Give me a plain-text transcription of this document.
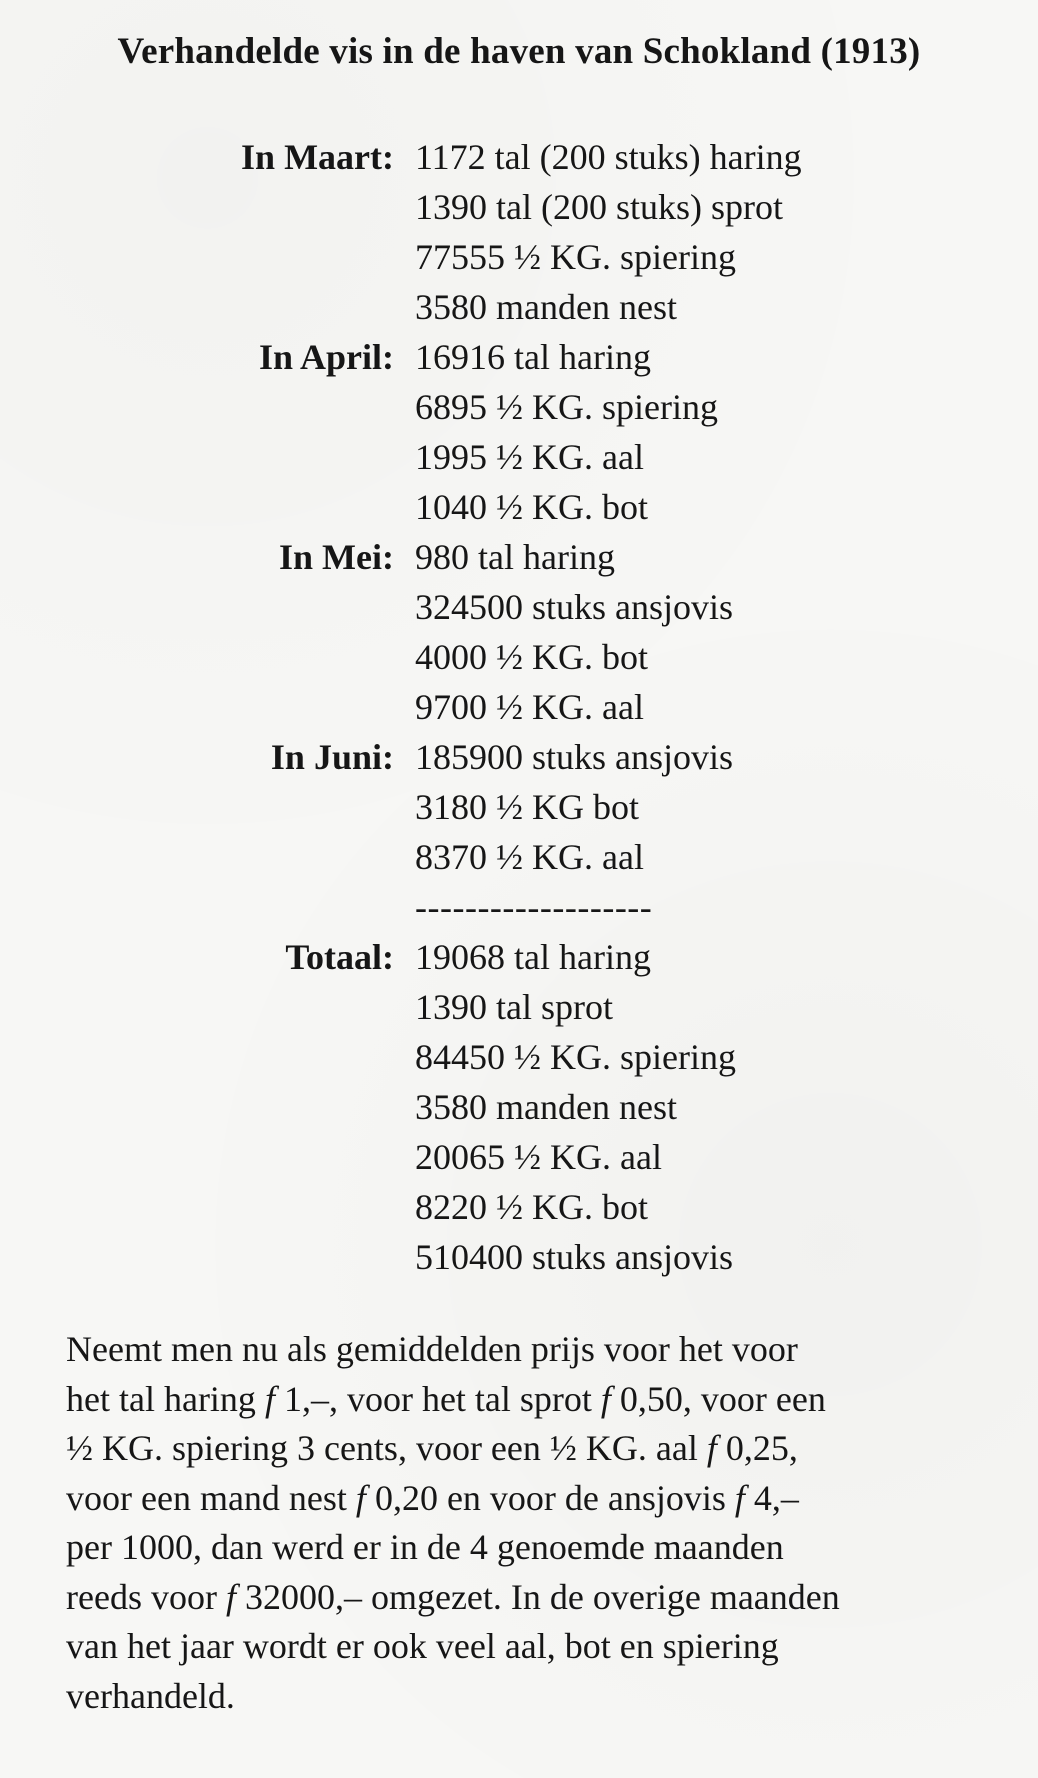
Verhandelde vis in de haven van Schokland (1913)
In Maart: 1172 tal (200 stuks) haring
1390 tal (200 stuks) sprot
77555 ½ KG. spiering
3580 manden nest
In April: 16916 tal haring
6895 ½ KG. spiering
1995 ½ KG. aal
1040 ½ KG. bot
In Mei: 980 tal haring
324500 stuks ansjovis
4000 ½ KG. bot
9700 ½ KG. aal
In Juni: 185900 stuks ansjovis
3180 ½ KG bot
8370 ½ KG. aal
-------------------
Totaal: 19068 tal haring
1390 tal sprot
84450 ½ KG. spiering
3580 manden nest
20065 ½ KG. aal
8220 ½ KG. bot
510400 stuks ansjovis
Neemt men nu als gemiddelden prijs voor het voor
het tal haring f 1,–, voor het tal sprot f 0,50, voor een
½ KG. spiering 3 cents, voor een ½ KG. aal f 0,25,
voor een mand nest f 0,20 en voor de ansjovis f 4,–
per 1000, dan werd er in de 4 genoemde maanden
reeds voor f 32000,– omgezet. In de overige maanden
van het jaar wordt er ook veel aal, bot en spiering
verhandeld.
